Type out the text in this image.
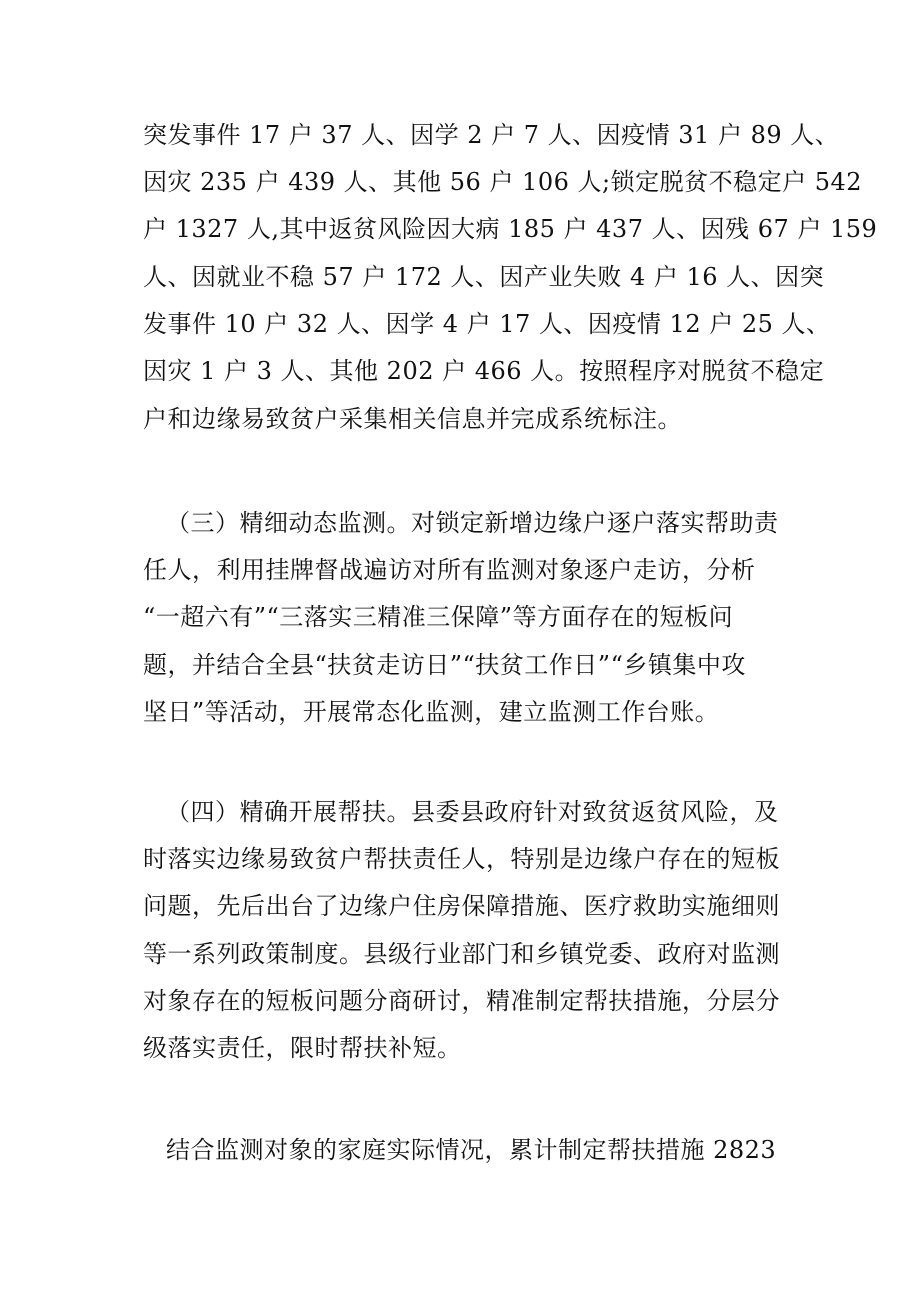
突发事件 17 户 37 人、因学 2 户 7 人、因疫情 31 户 89 人、
因灾 235 户 439 人、其他 56 户 106 人;锁定脱贫不稳定户 542
户 1327 人,其中返贫风险因大病 185 户 437 人、因残 67 户 159
人、因就业不稳 57 户 172 人、因产业失败 4 户 16 人、因突
发事件 10 户 32 人、因学 4 户 17 人、因疫情 12 户 25 人、
因灾 1 户 3 人、其他 202 户 466 人。按照程序对脱贫不稳定
户和边缘易致贫户采集相关信息并完成系统标注。
（三）精细动态监测。对锁定新增边缘户逐户落实帮助责
任人，利用挂牌督战遍访对所有监测对象逐户走访，分析
“一超六有”“三落实三精准三保障”等方面存在的短板问
题，并结合全县“扶贫走访日”“扶贫工作日”“乡镇集中攻
坚日”等活动，开展常态化监测，建立监测工作台账。
（四）精确开展帮扶。县委县政府针对致贫返贫风险，及
时落实边缘易致贫户帮扶责任人，特别是边缘户存在的短板
问题，先后出台了边缘户住房保障措施、医疗救助实施细则
等一系列政策制度。县级行业部门和乡镇党委、政府对监测
对象存在的短板问题分商研讨，精准制定帮扶措施，分层分
级落实责任，限时帮扶补短。
结合监测对象的家庭实际情况，累计制定帮扶措施 2823
